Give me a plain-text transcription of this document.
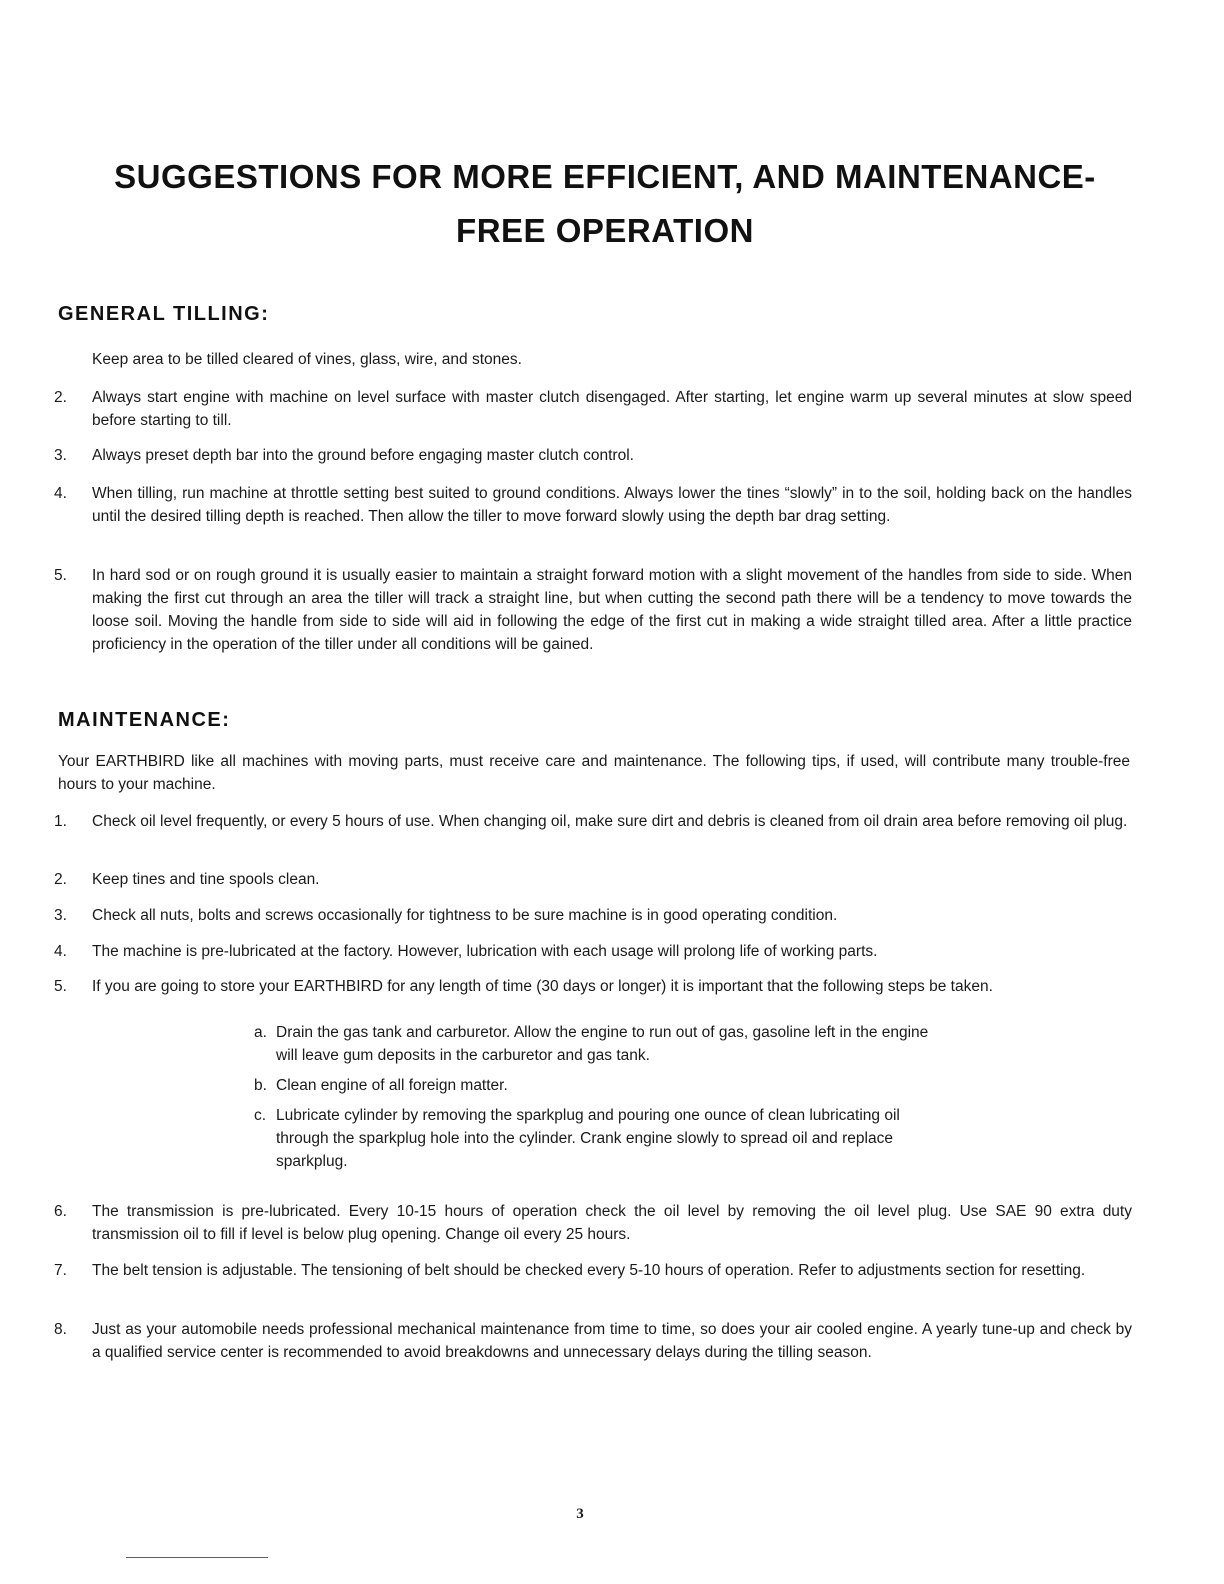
SUGGESTIONS FOR MORE EFFICIENT, AND MAINTENANCE-
FREE OPERATION
GENERAL TILLING:
Keep area to be tilled cleared of vines, glass, wire, and stones.
2.	Always start engine with machine on level surface with master clutch disengaged. After starting, let engine warm up several minutes at slow speed before starting to till.
3.	Always preset depth bar into the ground before engaging master clutch control.
4.	When tilling, run machine at throttle setting best suited to ground conditions. Always lower the tines “slowly” in to the soil, holding back on the handles until the desired tilling depth is reached. Then allow the tiller to move forward slowly using the depth bar drag setting.
5.	In hard sod or on rough ground it is usually easier to maintain a straight forward motion with a slight movement of the handles from side to side. When making the first cut through an area the tiller will track a straight line, but when cutting the second path there will be a tendency to move towards the loose soil. Moving the handle from side to side will aid in following the edge of the first cut in making a wide straight tilled area. After a little practice proficiency in the operation of the tiller under all conditions will be gained.
MAINTENANCE:
Your EARTHBIRD like all machines with moving parts, must receive care and maintenance. The following tips, if used, will contribute many trouble-free hours to your machine.
1.	Check oil level frequently, or every 5 hours of use. When changing oil, make sure dirt and debris is cleaned from oil drain area before removing oil plug.
2.	Keep tines and tine spools clean.
3.	Check all nuts, bolts and screws occasionally for tightness to be sure machine is in good operating condition.
4.	The machine is pre-lubricated at the factory. However, lubrication with each usage will prolong life of working parts.
5.	If you are going to store your EARTHBIRD for any length of time (30 days or longer) it is important that the following steps be taken.
a. Drain the gas tank and carburetor. Allow the engine to run out of gas, gasoline left in the engine will leave gum deposits in the carburetor and gas tank.
b. Clean engine of all foreign matter.
c. Lubricate cylinder by removing the sparkplug and pouring one ounce of clean lubricating oil through the sparkplug hole into the cylinder. Crank engine slowly to spread oil and replace sparkplug.
6.	The transmission is pre-lubricated. Every 10-15 hours of operation check the oil level by removing the oil level plug. Use SAE 90 extra duty transmission oil to fill if level is below plug opening. Change oil every 25 hours.
7.	The belt tension is adjustable. The tensioning of belt should be checked every 5-10 hours of operation. Refer to adjustments section for resetting.
8.	Just as your automobile needs professional mechanical maintenance from time to time, so does your air cooled engine. A yearly tune-up and check by a qualified service center is recommended to avoid breakdowns and unnecessary delays during the tilling season.
3
